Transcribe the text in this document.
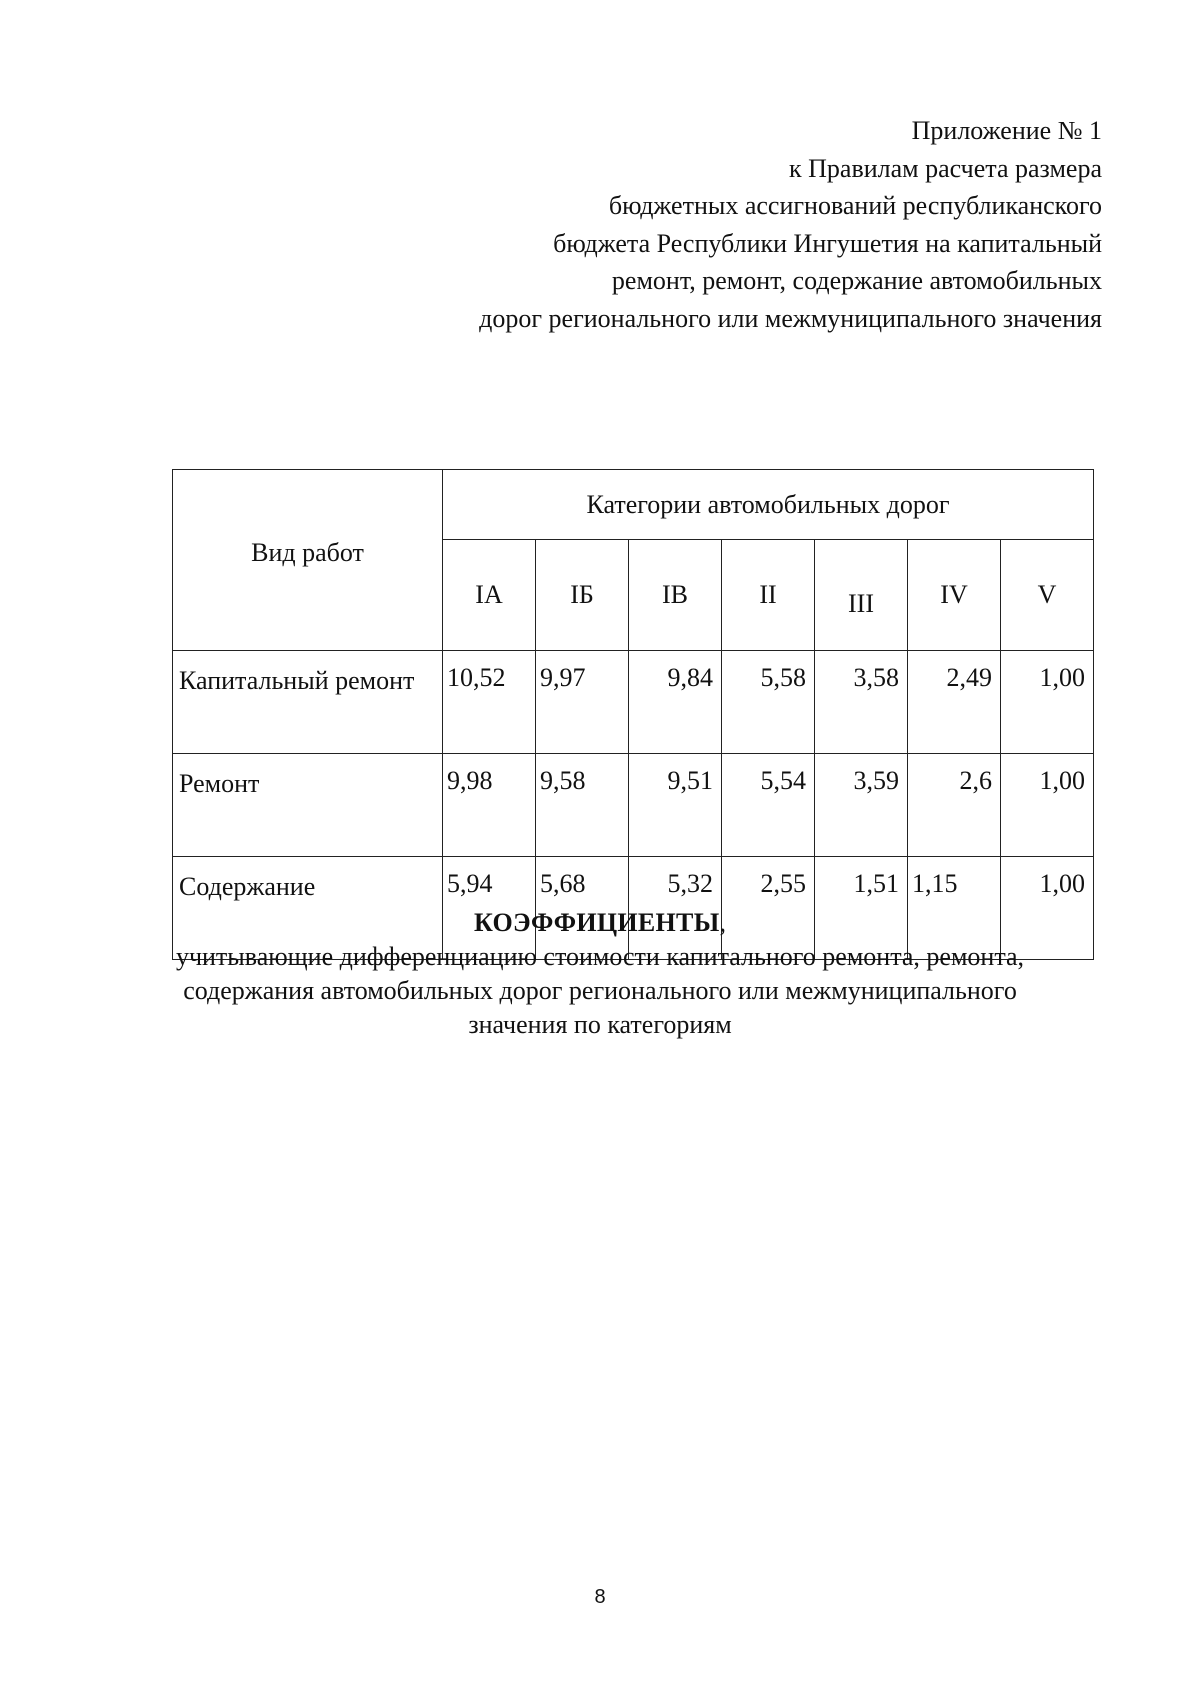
Приложение № 1
к Правилам расчета размера
бюджетных ассигнований республиканского
бюджета Республики Ингушетия на капитальный
ремонт, ремонт, содержание автомобильных
дорог регионального или межмуниципального значения
Вид работ	Категории автомобильных дорог						
	IA	IБ	IB	II	III	IV	V
Капитальный ремонт	10,52	9,97	9,84	5,58	3,58	2,49	1,00
Ремонт	9,98	9,58	9,51	5,54	3,59	2,6	1,00
Содержание	5,94	5,68	5,32	2,55	1,51	1,15	1,00
КОЭФФИЦИЕНТЫ,
учитывающие дифференциацию стоимости капитального ремонта, ремонта,
содержания автомобильных дорог регионального или межмуниципального
значения по категориям
8
